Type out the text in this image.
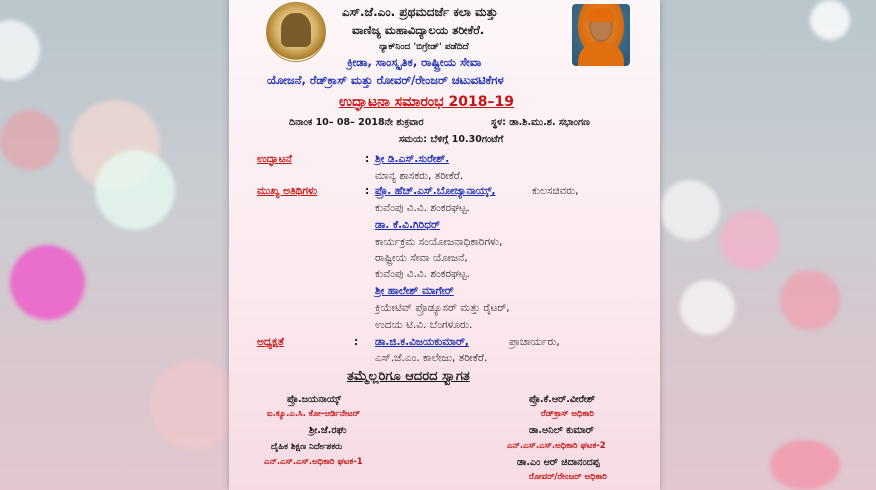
ಎಸ್.ಜೆ.ಎಂ. ಪ್ರಥಮದರ್ಜೆ ಕಲಾ ಮತ್ತು
ವಾಣಿಜ್ಯ ಮಹಾವಿದ್ಯಾಲಯ ತರೀಕೆರೆ.
ನ್ಯಾಕ್‌ನಿಂದ 'ಬಿಗ್ರೇಡ್' ಪಡೆದಿದೆ
ಕ್ರೀಡಾ, ಸಾಂಸ್ಕೃತಿಕ, ರಾಷ್ಟ್ರೀಯ ಸೇವಾ
ಯೋಜನೆ, ರೆಡ್‌ಕ್ರಾಸ್ ಮತ್ತು ರೋವರ್/ರೇಂಜರ್ ಚಟುವಟಿಕೆಗಳ
ಉದ್ಘಾಟನಾ ಸಮಾರಂಭ 2018–19
ದಿನಾಂಕ 10– 08– 2018ನೇ ಶುಕ್ರವಾರ	ಸ್ಥಳ: ಡಾ.ಶಿ.ಮು.ಶ. ಸಭಾಂಗಣ
ಸಮಯ: ಬೆಳಿಗ್ಗೆ 10.30ಗಂಟೆಗೆ
ಉದ್ಘಾಟನೆ	: ಶ್ರೀ ಡಿ.ಎಸ್.ಸುರೇಶ್.
ಮಾನ್ಯ ಶಾಸಕರು, ತರೀಕೆರೆ.
ಮುಖ್ಯ ಅತಿಥಿಗಳು	: ಪ್ರೊ. ಹೆಚ್.ಎಸ್.ಬೋಜ್ಯಾನಾಯ್ಕ್,	ಕುಲಸಚಿವರು,
ಕುವೆಂಪು ವಿ.ವಿ. ಶಂಕರಘಟ್ಟ.
ಡಾ. ಕೆ.ವಿ.ಗಿರಿಧರ್
ಕಾರ್ಯಕ್ರಮ ಸಂಯೋಜನಾಧಿಕಾರಿಗಳು,
ರಾಷ್ಟ್ರೀಯ ಸೇವಾ ಯೋಜನೆ,
ಕುವೆಂಪು ವಿ.ವಿ. ಶಂಕರಘಟ್ಟ.
ಶ್ರೀ ಹಾಲೇಶ್ ಮಾಗೇರ್
ಕ್ರಿಯೇಟಿವ್ ಪ್ರೊಡ್ಯೂಸರ್ ಮತ್ತು ರೈಟರ್,
ಉದಯ ಟಿ.ವಿ. ಬೆಂಗಳೂರು.
ಅಧ್ಯಕ್ಷತೆ	: ಡಾ.ಜಿ.ಕ.ವಿಜಯಕುಮಾರ್,	ಪ್ರಾಚಾರ್ಯರು,
ಎಸ್.ಜೆ.ಎಂ. ಕಾಲೇಜು, ತರೀಕೆರೆ.
ತಮ್ಮೆಲ್ಲರಿಗೂ ಆದರದ ಸ್ವಾಗತ
ಪ್ರೊ.ಜಯನಾಯ್ಕ್
ಐ.ಕ್ಯೂ.ಎ.ಸಿ. ಕೋ-ಆರ್ಡಿನೇಟರ್
ಪ್ರೊ.ಕೆ.ಆರ್.ವೀರೇಶ್
ರೆಡ್‌ಕ್ರಾಸ್ ಅಧಿಕಾರಿ
ಶ್ರೀ.ಜೆ.ರಘು
ದೈಹಿಕ ಶಿಕ್ಷಣ ನಿರ್ದೇಶಕರು
ಎನ್.ಎಸ್.ಎಸ್.ಅಧಿಕಾರಿ ಘಟಕ-1
ಡಾ.ಅನಿಲ್ ಕುಮಾರ್
ಎನ್.ಎಸ್.ಎಸ್.ಅಧಿಕಾರಿ ಘಟಕ-2
ಡಾ.ಎಂ ಆರ್ ಚಿದಾನಂದಪ್ಪ
ರೋವರ್/ರೇಂಜರ್ ಅಧಿಕಾರಿ
